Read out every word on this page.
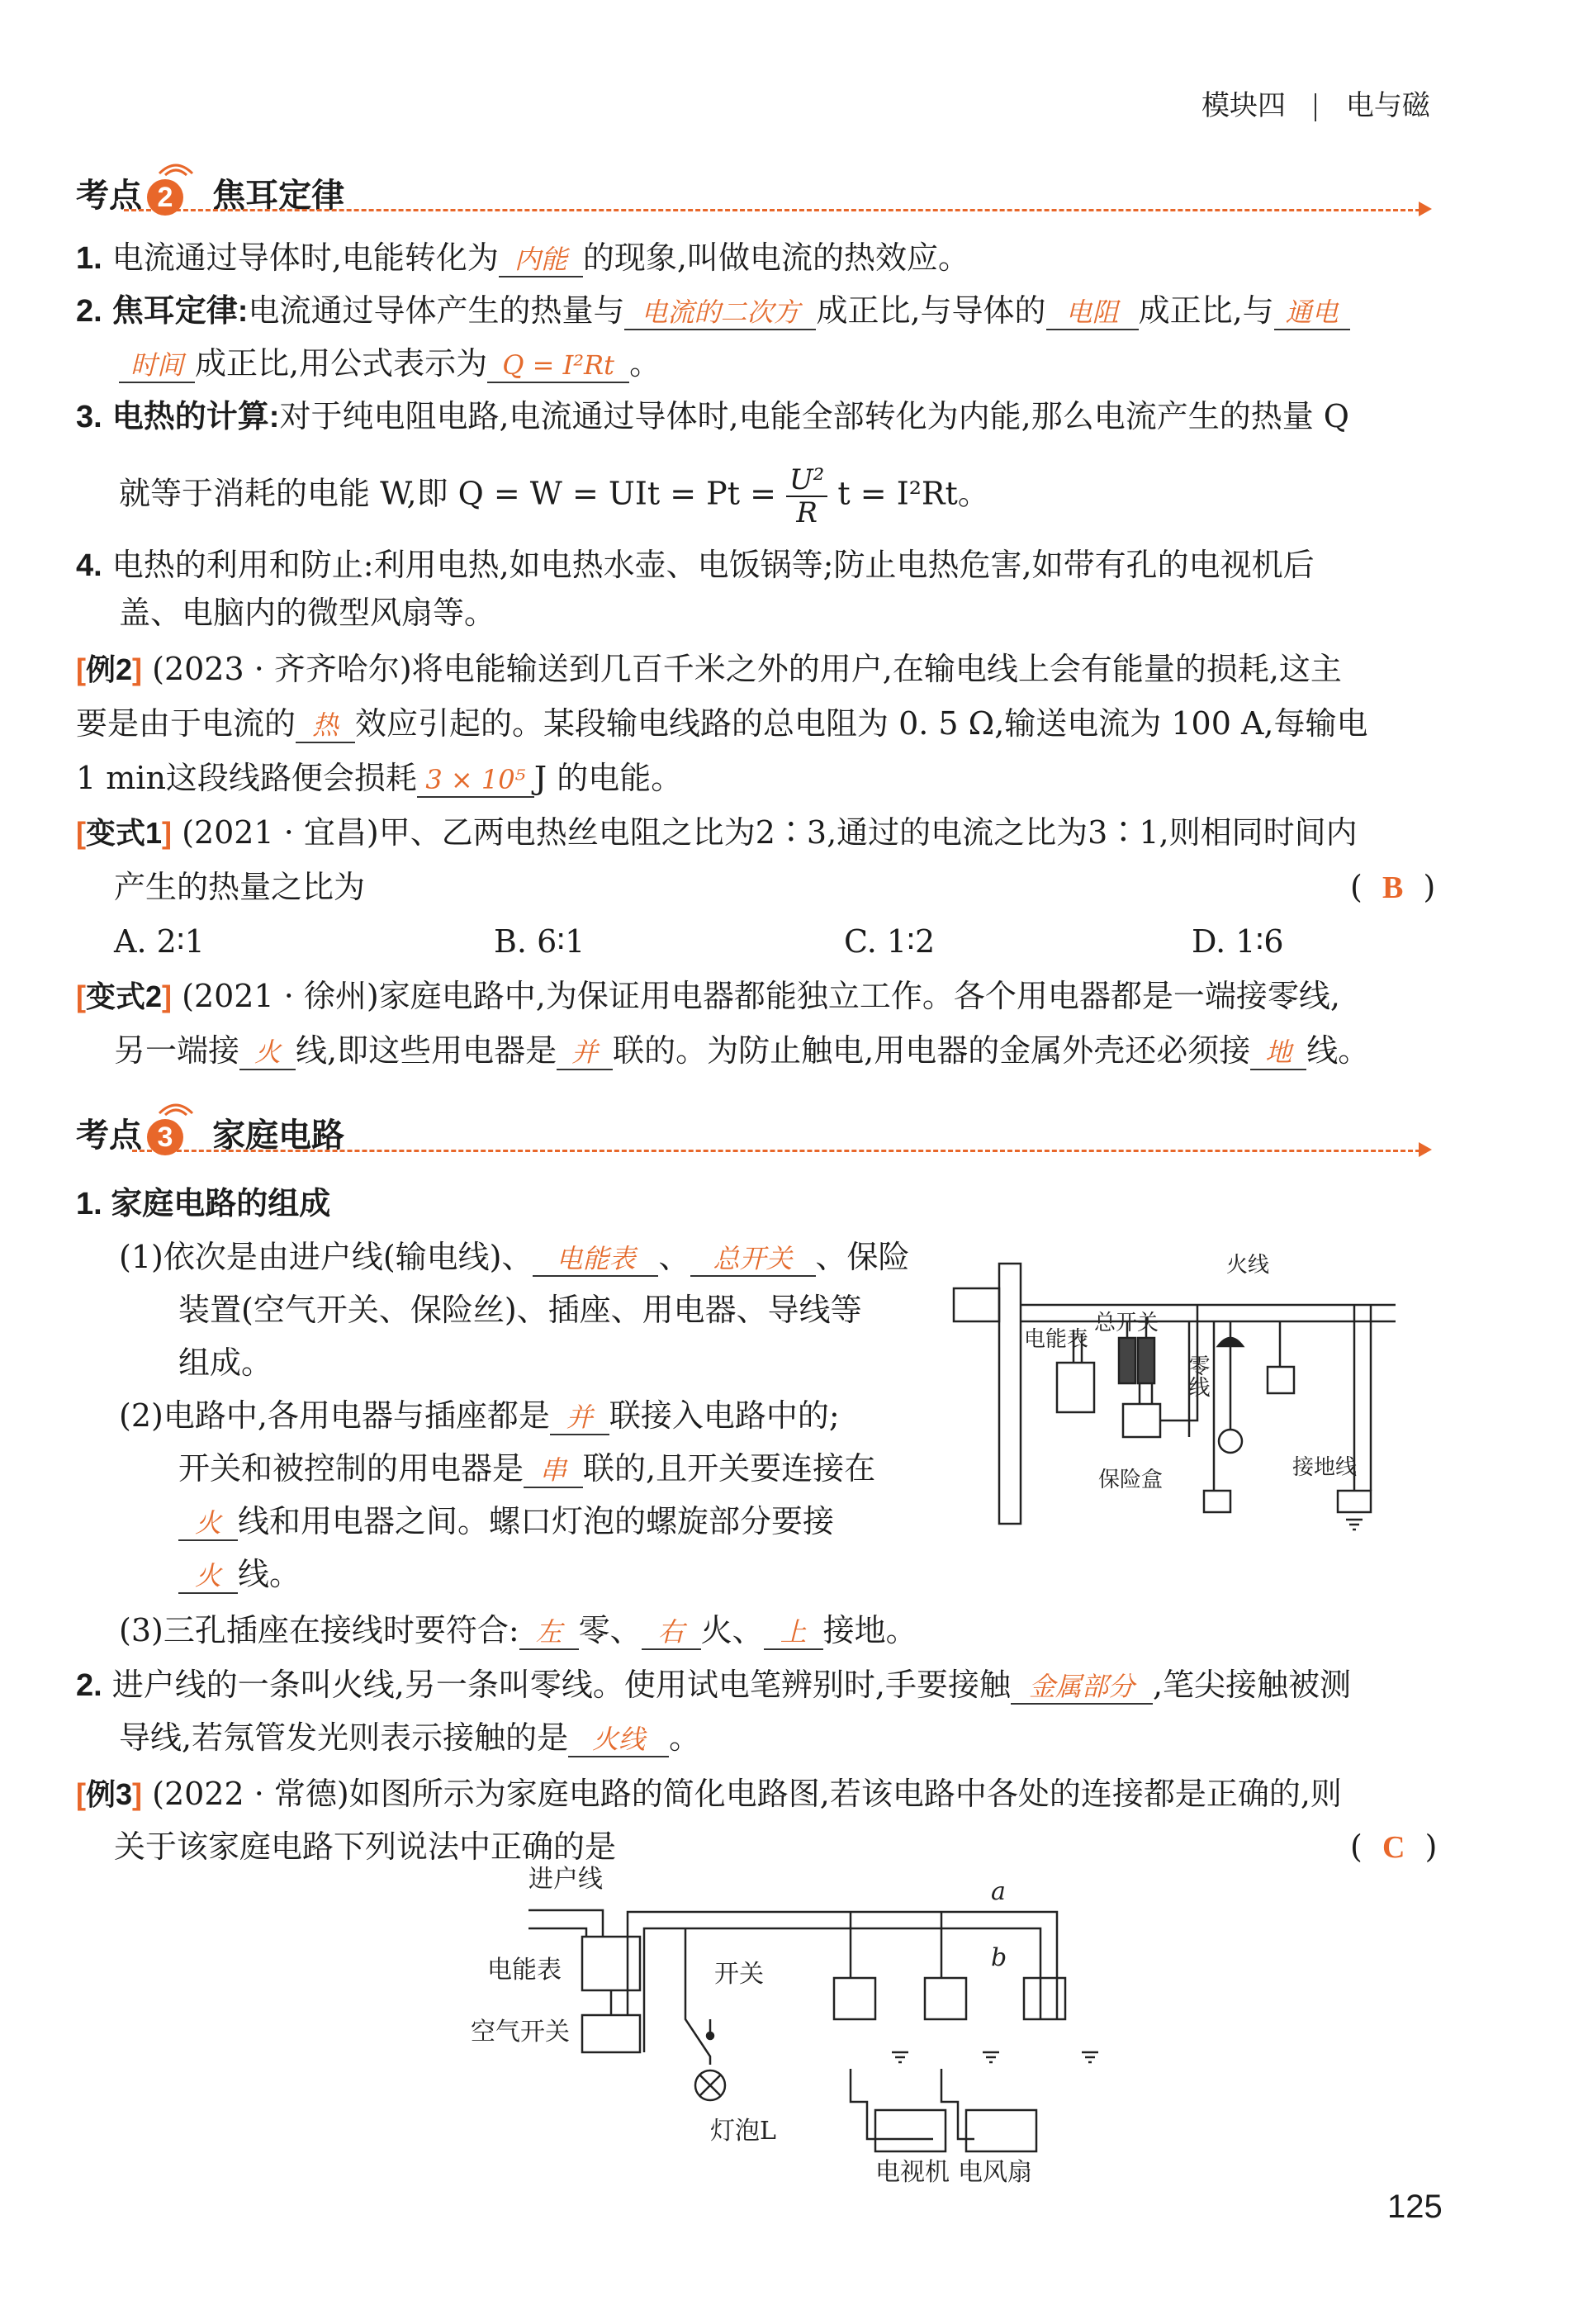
模块四 电与磁
考点 2 焦耳定律
1. 电流通过导体时,电能转化为 内能 的现象,叫做电流的热效应。
2. 焦耳定律:电流通过导体产生的热量与 电流的二次方 成正比,与导体的 电阻 成正比,与 通电
时间 成正比,用公式表示为 Q = I²Rt 。
3. 电热的计算:对于纯电阻电路,电流通过导体时,电能全部转化为内能,那么电流产生的热量 Q
就等于消耗的电能 W,即 Q = W = UIt = $Pt = \frac{\text{U²}}{R}$ t = I²Rt。
4. 电热的利用和防止:利用电热,如电热水壶、电饭锅等;防止电热危害,如带有孔的电视机后
盖、电脑内的微型风扇等。
[例2] (2023 · 齐齐哈尔)将电能输送到几百千米之外的用户,在输电线上会有能量的损耗,这主
要是由于电流的 热 效应引起的。某段输电线路的总电阻为 0. 5 Ω,输送电流为 100 A,每输电
1 min这段线路便会损耗 3 × 10⁵ J 的电能。
[变式1] (2021 · 宜昌)甲、乙两电热丝电阻之比为2∶3,通过的电流之比为3∶1,则相同时间内
产生的热量之比为	(  B  )
A. 2∶1	B. 6∶1	C. 1∶2	D. 1∶6
[变式2] (2021 · 徐州)家庭电路中,为保证用电器都能独立工作。各个用电器都是一端接零线,
另一端接 火 线,即这些用电器是 并 联的。为防止触电,用电器的金属外壳还必须接 地 线。
考点 3 家庭电路
1. 家庭电路的组成
(1)依次是由进户线(输电线)、 电能表 、 总开关 、保险
装置(空气开关、保险丝)、插座、用电器、导线等
组成。
(2)电路中,各用电器与插座都是 并 联接入电路中的;
开关和被控制的用电器是 串 联的,且开关要连接在
火 线和用电器之间。螺口灯泡的螺旋部分要接
火 线。
(3)三孔插座在接线时要符合: 左 零、 右 火、 上 接地。
2. 进户线的一条叫火线,另一条叫零线。使用试电笔辨别时,手要接触 金属部分 ,笔尖接触被测
导线,若氖管发光则表示接触的是 火线 。
[例3] (2022 · 常德)如图所示为家庭电路的简化电路图,若该电路中各处的连接都是正确的,则
关于该家庭电路下列说法中正确的是	(  C  )
火线
电能表
总开关
零线
保险盒	接地线
进户线
电能表
空气开关
a
b
开关
灯泡L
电视机 电风扇
125
